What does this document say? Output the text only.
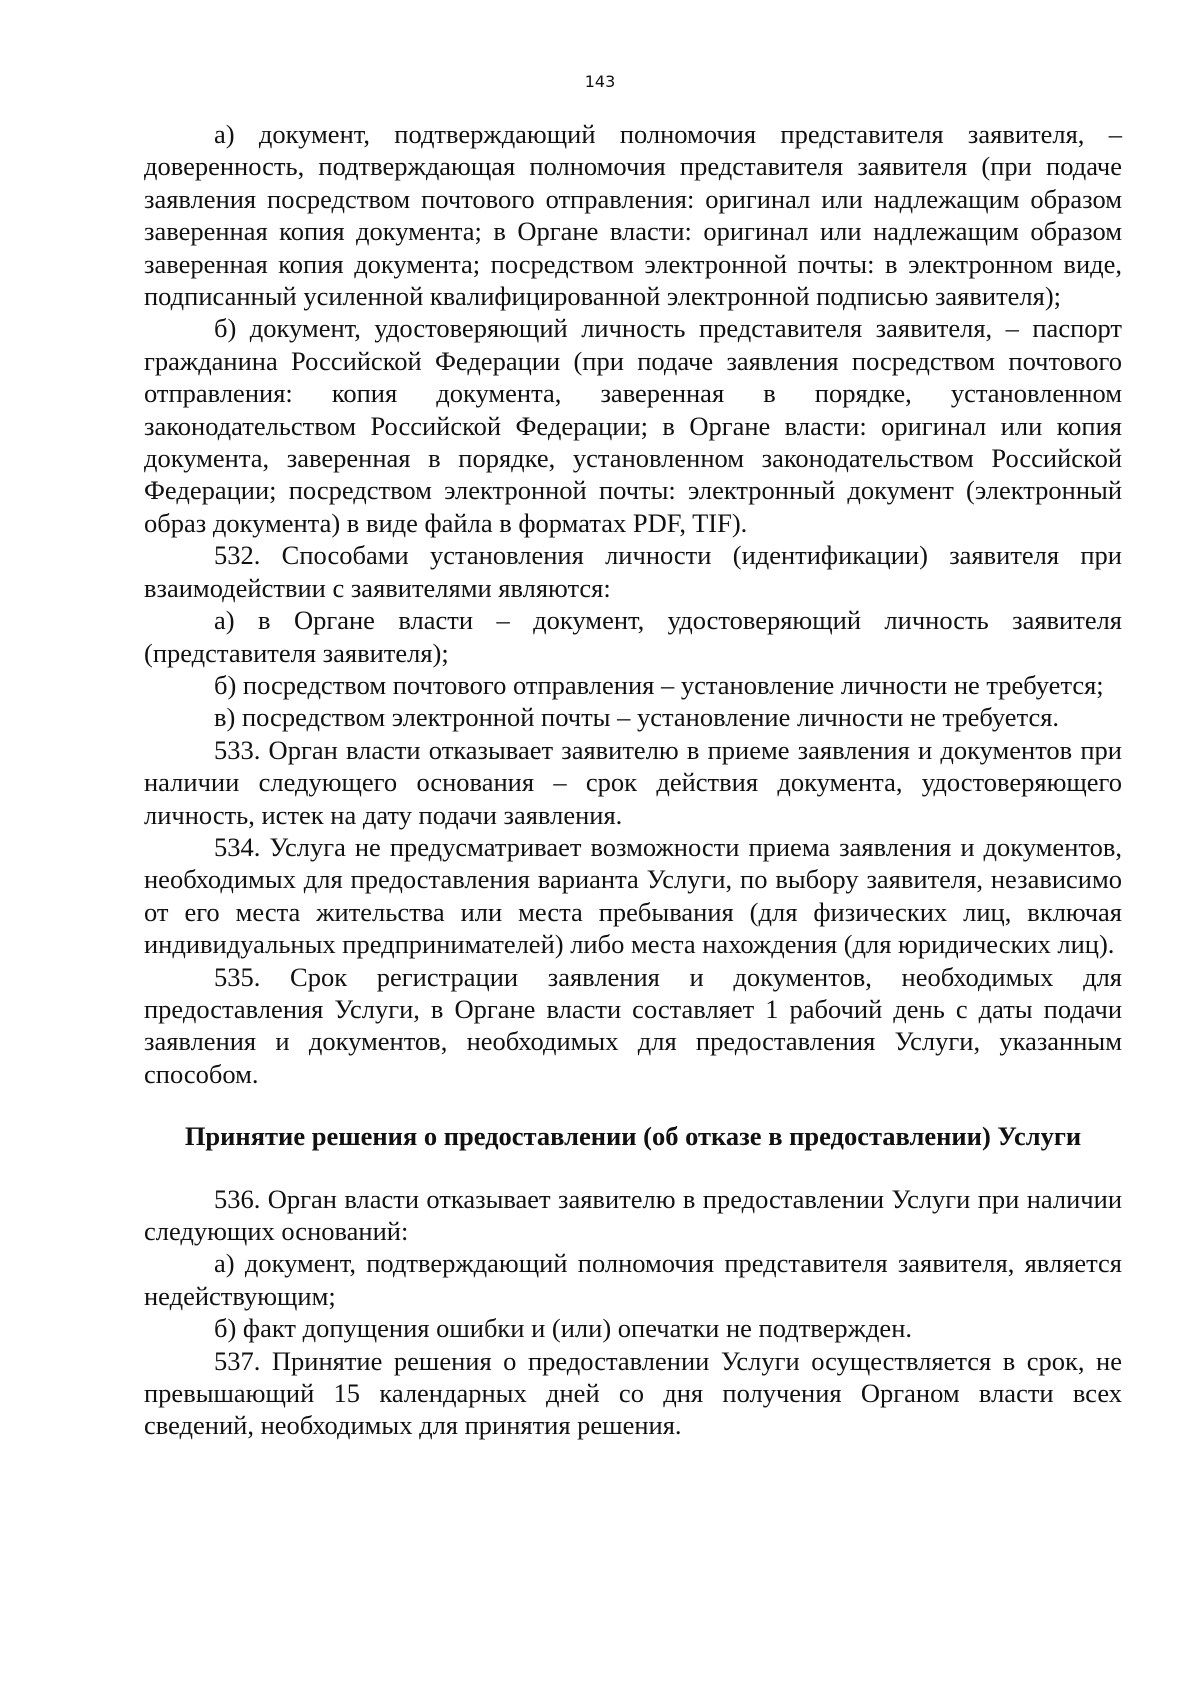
143

а) документ, подтверждающий полномочия представителя заявителя, – доверенность, подтверждающая полномочия представителя заявителя (при подаче заявления посредством почтового отправления: оригинал или надлежащим образом заверенная копия документа; в Органе власти: оригинал или надлежащим образом заверенная копия документа; посредством электронной почты: в электронном виде, подписанный усиленной квалифицированной электронной подписью заявителя);

б) документ, удостоверяющий личность представителя заявителя, – паспорт гражданина Российской Федерации (при подаче заявления посредством почтового отправления: копия документа, заверенная в порядке, установленном законодательством Российской Федерации; в Органе власти: оригинал или копия документа, заверенная в порядке, установленном законодательством Российской Федерации; посредством электронной почты: электронный документ (электронный образ документа) в виде файла в форматах PDF, TIF).

532. Способами установления личности (идентификации) заявителя при взаимодействии с заявителями являются:

а) в Органе власти – документ, удостоверяющий личность заявителя (представителя заявителя);

б) посредством почтового отправления – установление личности не требуется;

в) посредством электронной почты – установление личности не требуется.

533. Орган власти отказывает заявителю в приеме заявления и документов при наличии следующего основания – срок действия документа, удостоверяющего личность, истек на дату подачи заявления.

534. Услуга не предусматривает возможности приема заявления и документов, необходимых для предоставления варианта Услуги, по выбору заявителя, независимо от его места жительства или места пребывания (для физических лиц, включая индивидуальных предпринимателей) либо места нахождения (для юридических лиц).

535. Срок регистрации заявления и документов, необходимых для предоставления Услуги, в Органе власти составляет 1 рабочий день с даты подачи заявления и документов, необходимых для предоставления Услуги, указанным способом.

Принятие решения о предоставлении (об отказе в предоставлении) Услуги

536. Орган власти отказывает заявителю в предоставлении Услуги при наличии следующих оснований:

а) документ, подтверждающий полномочия представителя заявителя, является недействующим;

б) факт допущения ошибки и (или) опечатки не подтвержден.

537. Принятие решения о предоставлении Услуги осуществляется в срок, не превышающий 15 календарных дней со дня получения Органом власти всех сведений, необходимых для принятия решения.
